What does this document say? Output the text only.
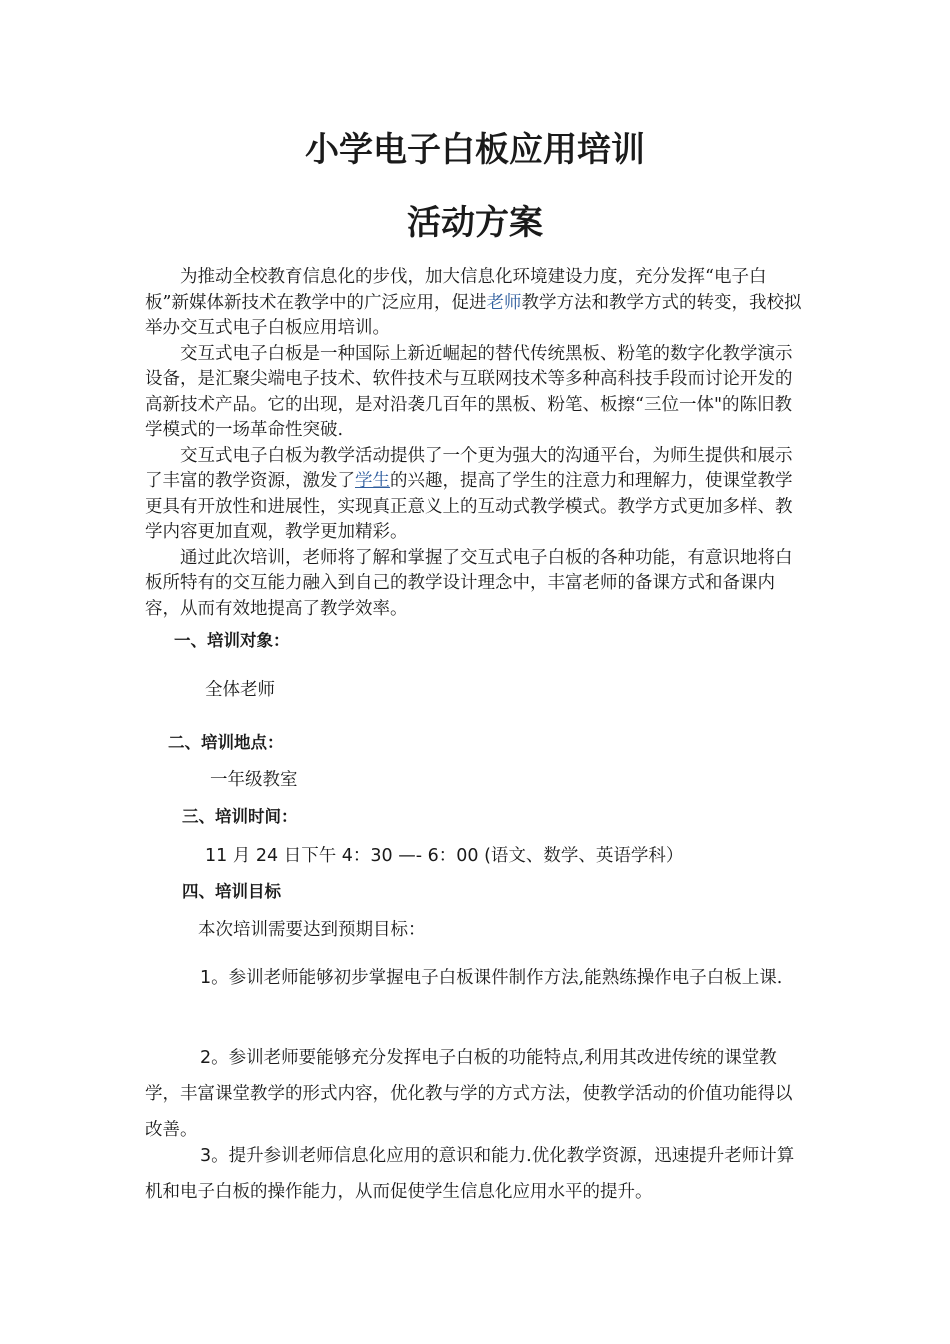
小学电子白板应用培训
活动方案

为推动全校教育信息化的步伐，加大信息化环境建设力度，充分发挥“电子白板”新媒体新技术在教学中的广泛应用，促进老师教学方法和教学方式的转变，我校拟举办交互式电子白板应用培训。

交互式电子白板是一种国际上新近崛起的替代传统黑板、粉笔的数字化教学演示设备，是汇聚尖端电子技术、软件技术与互联网技术等多种高科技手段而讨论开发的高新技术产品。它的出现，是对沿袭几百年的黑板、粉笔、板擦“三位一体"的陈旧教学模式的一场革命性突破.

交互式电子白板为教学活动提供了一个更为强大的沟通平台，为师生提供和展示了丰富的教学资源，激发了学生的兴趣，提高了学生的注意力和理解力，使课堂教学更具有开放性和进展性，实现真正意义上的互动式教学模式。教学方式更加多样、教学内容更加直观，教学更加精彩。

通过此次培训，老师将了解和掌握了交互式电子白板的各种功能，有意识地将白板所特有的交互能力融入到自己的教学设计理念中，丰富老师的备课方式和备课内容，从而有效地提高了教学效率。

一、培训对象：
全体老师
二、培训地点：
一年级教室
三、培训时间：
11 月 24 日下午 4：30 —- 6：00 (语文、数学、英语学科）
四、培训目标
本次培训需要达到预期目标：

1。参训老师能够初步掌握电子白板课件制作方法,能熟练操作电子白板上课.

2。参训老师要能够充分发挥电子白板的功能特点,利用其改进传统的课堂教学，丰富课堂教学的形式内容，优化教与学的方式方法，使教学活动的价值功能得以改善。

3。提升参训老师信息化应用的意识和能力.优化教学资源，迅速提升老师计算机和电子白板的操作能力，从而促使学生信息化应用水平的提升。
